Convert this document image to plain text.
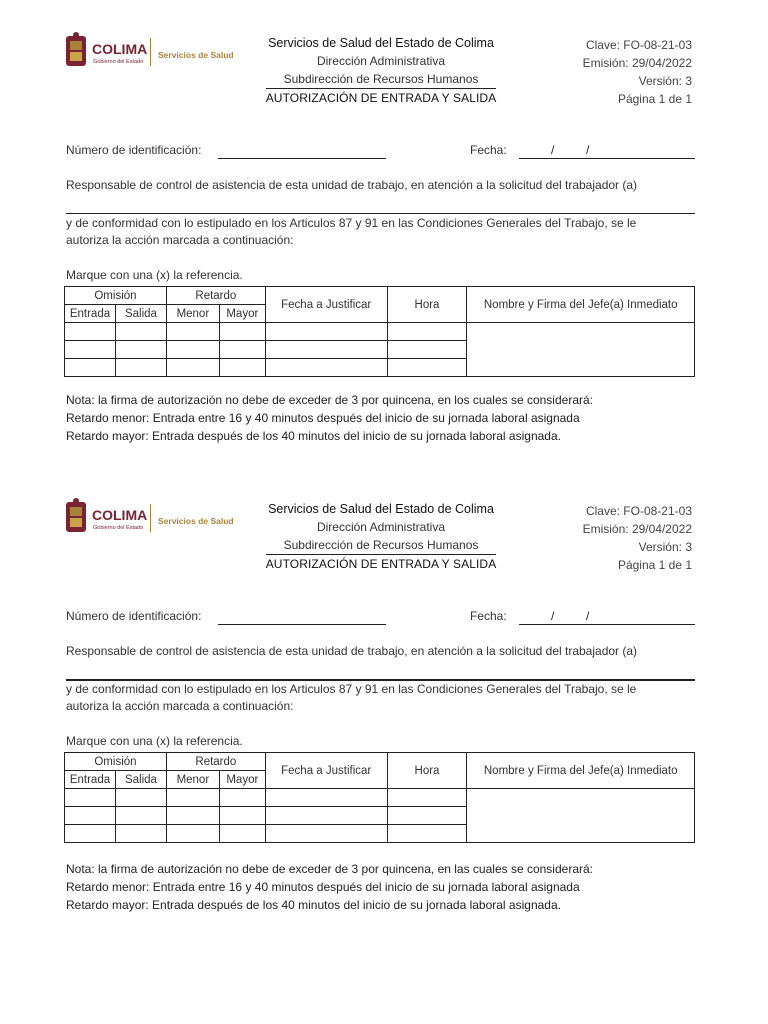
COLIMA
Gobierno del Estado
Servicios de Salud
Servicios de Salud del Estado de Colima
Dirección Administrativa
Subdirección de Recursos Humanos
AUTORIZACIÓN DE ENTRADA Y SALIDA
Clave: FO-08-21-03
Emisión: 29/04/2022
Versión: 3
Página 1 de 1
Número de identificación:	Fecha:	/	/
Responsable de control de asistencia de esta unidad de trabajo, en atención a la solicitud del trabajador (a)
y de conformidad con lo estipulado en los Articulos 87 y 91 en las Condiciones Generales del Trabajo, se le
autoriza la acción marcada a continuación:
Marque con una (x) la referencia.
Omisión		Retardo		Fecha a Justificar	Hora	Nombre y Firma del Jefe(a) Inmediato
Entrada	Salida	Menor	Mayor			

Nota: la firma de autorización no debe de exceder de 3 por quincena, en los cuales se considerará:
Retardo menor: Entrada entre 16 y 40 minutos después del inicio de su jornada laboral asignada
Retardo mayor: Entrada después de los 40 minutos del inicio de su jornada laboral asignada.
COLIMA
Gobierno del Estado
Servicios de Salud
Servicios de Salud del Estado de Colima
Dirección Administrativa
Subdirección de Recursos Humanos
AUTORIZACIÓN DE ENTRADA Y SALIDA
Clave: FO-08-21-03
Emisión: 29/04/2022
Versión: 3
Página 1 de 1
Número de identificación:	Fecha:	/	/
Responsable de control de asistencia de esta unidad de trabajo, en atención a la solicitud del trabajador (a)
y de conformidad con lo estipulado en los Articulos 87 y 91 en las Condiciones Generales del Trabajo, se le
autoriza la acción marcada a continuación:
Marque con una (x) la referencia.
Omisión		Retardo		Fecha a Justificar	Hora	Nombre y Firma del Jefe(a) Inmediato
Entrada	Salida	Menor	Mayor			

Nota: la firma de autorización no debe de exceder de 3 por quincena, en las cuales se considerará:
Retardo menor: Entrada entre 16 y 40 minutos después del inicio de su jornada laboral asignada
Retardo mayor: Entrada después de los 40 minutos del inicio de su jornada laboral asignada.
